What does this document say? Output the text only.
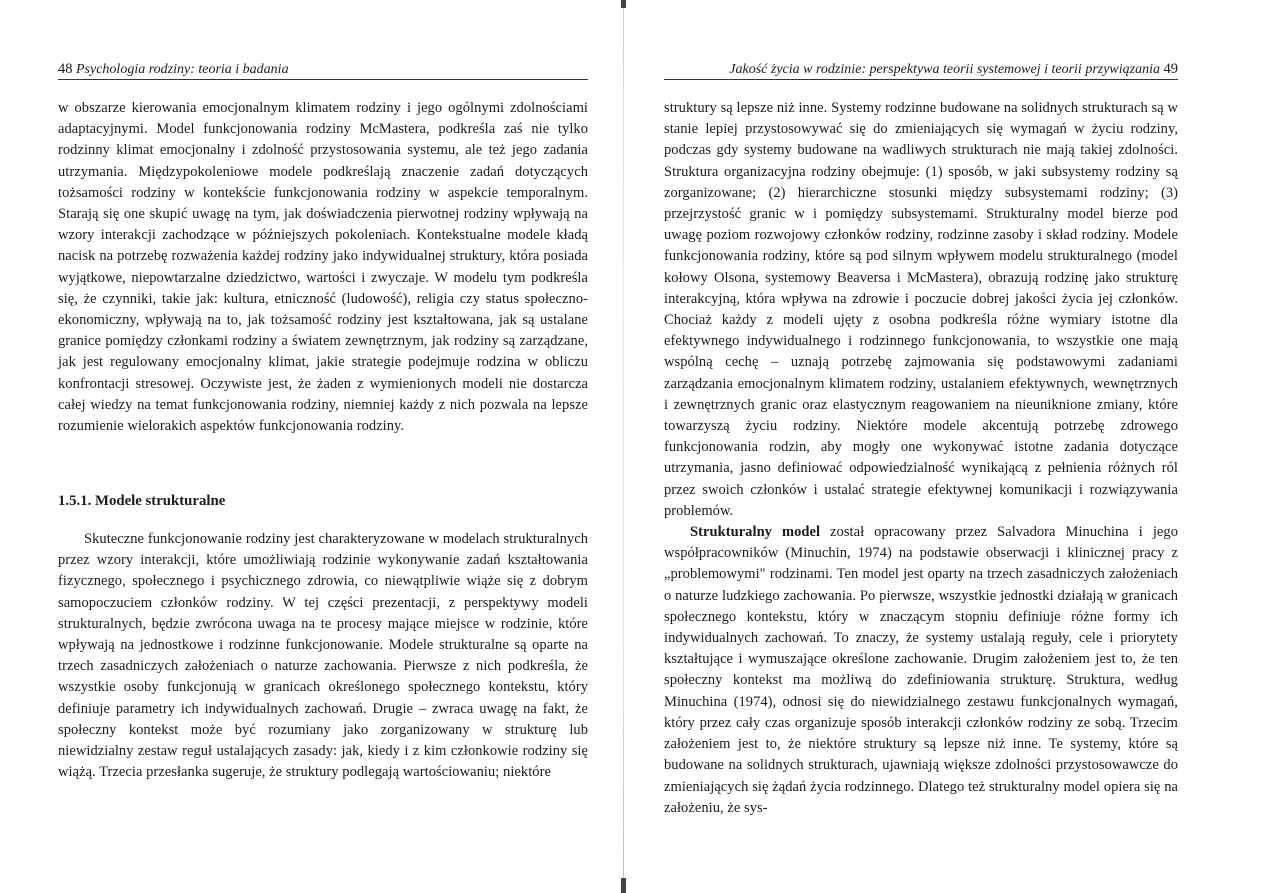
48 Psychologia rodziny: teoria i badania

w obszarze kierowania emocjonalnym klimatem rodziny i jego ogólnymi zdolnościami adaptacyjnymi. Model funkcjonowania rodziny McMastera, podkreśla zaś nie tylko rodzinny klimat emocjonalny i zdolność przystosowania systemu, ale też jego zadania utrzymania. Międzypokoleniowe modele podkreślają znaczenie zadań dotyczących tożsamości rodziny w kontekście funkcjonowania rodziny w aspekcie temporalnym. Starają się one skupić uwagę na tym, jak doświadczenia pierwotnej rodziny wpływają na wzory interakcji zachodzące w późniejszych pokoleniach. Kontekstualne modele kładą nacisk na potrzebę rozważenia każdej rodziny jako indywidualnej struktury, która posiada wyjątkowe, niepowtarzalne dziedzictwo, wartości i zwyczaje. W modelu tym podkreśla się, że czynniki, takie jak: kultura, etniczność (ludowość), religia czy status społeczno-ekonomiczny, wpływają na to, jak tożsamość rodziny jest kształtowana, jak są ustalane granice pomiędzy członkami rodziny a światem zewnętrznym, jak rodziny są zarządzane, jak jest regulowany emocjonalny klimat, jakie strategie podejmuje rodzina w obliczu konfrontacji stresowej. Oczywiste jest, że żaden z wymienionych modeli nie dostarcza całej wiedzy na temat funkcjonowania rodziny, niemniej każdy z nich pozwala na lepsze rozumienie wielorakich aspektów funkcjonowania rodziny.

1.5.1. Modele strukturalne

Skuteczne funkcjonowanie rodziny jest charakteryzowane w modelach strukturalnych przez wzory interakcji, które umożliwiają rodzinie wykonywanie zadań kształtowania fizycznego, społecznego i psychicznego zdrowia, co niewątpliwie wiąże się z dobrym samopoczuciem członków rodziny. W tej części prezentacji, z perspektywy modeli strukturalnych, będzie zwrócona uwaga na te procesy mające miejsce w rodzinie, które wpływają na jednostkowe i rodzinne funkcjonowanie. Modele strukturalne są oparte na trzech zasadniczych założeniach o naturze zachowania. Pierwsze z nich podkreśla, że wszystkie osoby funkcjonują w granicach określonego społecznego kontekstu, który definiuje parametry ich indywidualnych zachowań. Drugie – zwraca uwagę na fakt, że społeczny kontekst może być rozumiany jako zorganizowany w strukturę lub niewidzialny zestaw reguł ustalających zasady: jak, kiedy i z kim członkowie rodziny się wiążą. Trzecia przesłanka sugeruje, że struktury podlegają wartościowaniu; niektóre

Jakość życia w rodzinie: perspektywa teorii systemowej i teorii przywiązania 49

struktury są lepsze niż inne. Systemy rodzinne budowane na solidnych strukturach są w stanie lepiej przystosowywać się do zmieniających się wymagań w życiu rodziny, podczas gdy systemy budowane na wadliwych strukturach nie mają takiej zdolności. Struktura organizacyjna rodziny obejmuje: (1) sposób, w jaki subsystemy rodziny są zorganizowane; (2) hierarchiczne stosunki między subsystemami rodziny; (3) przejrzystość granic w i pomiędzy subsystemami. Strukturalny model bierze pod uwagę poziom rozwojowy członków rodziny, rodzinne zasoby i skład rodziny. Modele funkcjonowania rodziny, które są pod silnym wpływem modelu strukturalnego (model kołowy Olsona, systemowy Beaversa i McMastera), obrazują rodzinę jako strukturę interakcyjną, która wpływa na zdrowie i poczucie dobrej jakości życia jej członków. Chociaż każdy z modeli ujęty z osobna podkreśla różne wymiary istotne dla efektywnego indywidualnego i rodzinnego funkcjonowania, to wszystkie one mają wspólną cechę – uznają potrzebę zajmowania się podstawowymi zadaniami zarządzania emocjonalnym klimatem rodziny, ustalaniem efektywnych, wewnętrznych i zewnętrznych granic oraz elastycznym reagowaniem na nieuniknione zmiany, które towarzyszą życiu rodziny. Niektóre modele akcentują potrzebę zdrowego funkcjonowania rodzin, aby mogły one wykonywać istotne zadania dotyczące utrzymania, jasno definiować odpowiedzialność wynikającą z pełnienia różnych ról przez swoich członków i ustalać strategie efektywnej komunikacji i rozwiązywania problemów.

Strukturalny model został opracowany przez Salvadora Minuchina i jego współpracowników (Minuchin, 1974) na podstawie obserwacji i klinicznej pracy z „problemowymi" rodzinami. Ten model jest oparty na trzech zasadniczych założeniach o naturze ludzkiego zachowania. Po pierwsze, wszystkie jednostki działają w granicach społecznego kontekstu, który w znaczącym stopniu definiuje różne formy ich indywidualnych zachowań. To znaczy, że systemy ustalają reguły, cele i priorytety kształtujące i wymuszające określone zachowanie. Drugim założeniem jest to, że ten społeczny kontekst ma możliwą do zdefiniowania strukturę. Struktura, według Minuchina (1974), odnosi się do niewidzialnego zestawu funkcjonalnych wymagań, który przez cały czas organizuje sposób interakcji członków rodziny ze sobą. Trzecim założeniem jest to, że niektóre struktury są lepsze niż inne. Te systemy, które są budowane na solidnych strukturach, ujawniają większe zdolności przystosowawcze do zmieniających się żądań życia rodzinnego. Dlatego też strukturalny model opiera się na założeniu, że sys-
